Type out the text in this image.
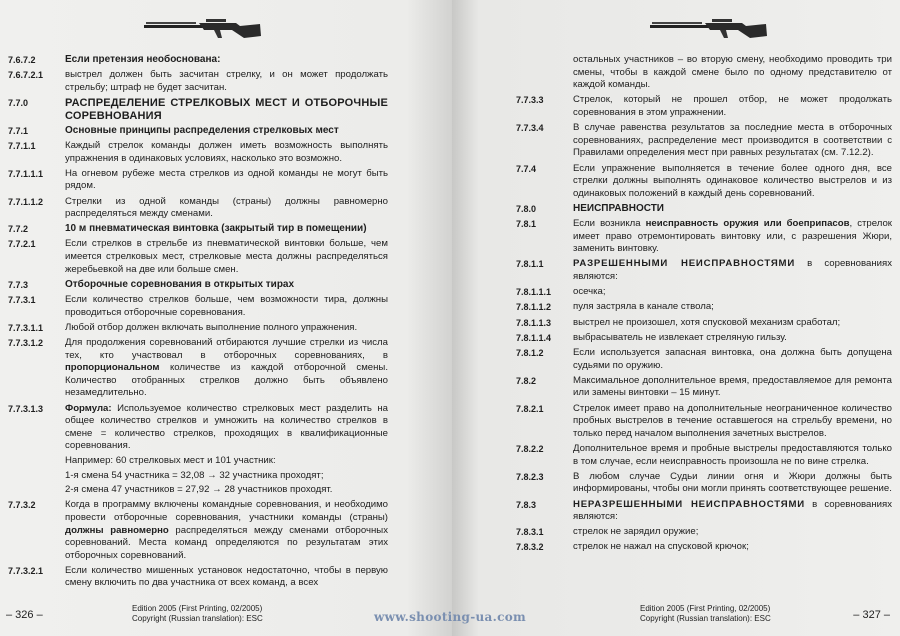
7.6.7.2	Если претензия необоснована:
7.6.7.2.1	выстрел должен быть засчитан стрелку, и он может продолжать стрельбу; штраф не будет засчитан.
7.7.0	РАСПРЕДЕЛЕНИЕ СТРЕЛКОВЫХ МЕСТ И ОТБОРОЧНЫЕ СОРЕВНОВАНИЯ
7.7.1	Основные принципы распределения стрелковых мест
7.7.1.1	Каждый стрелок команды должен иметь возможность выполнять упражнения в одинаковых условиях, насколько это возможно.
7.7.1.1.1	На огневом рубеже места стрелков из одной команды не могут быть рядом.
7.7.1.1.2	Стрелки из одной команды (страны) должны равномерно распределяться между сменами.
7.7.2	10 м пневматическая винтовка (закрытый тир в помещении)
7.7.2.1	Если стрелков в стрельбе из пневматической винтовки больше, чем имеется стрелковых мест, стрелковые места должны распределяться жеребьевкой на две или больше смен.
7.7.3	Отборочные соревнования в открытых тирах
7.7.3.1	Если количество стрелков больше, чем возможности тира, должны проводиться отборочные соревнования.
7.7.3.1.1	Любой отбор должен включать выполнение полного упражнения.
7.7.3.1.2	Для продолжения соревнований отбираются лучшие стрелки из числа тех, кто участвовал в отборочных соревнованиях, в пропорциональном количестве из каждой отборочной смены. Количество отобранных стрелков должно быть объявлено незамедлительно.
7.7.3.1.3	Формула: Используемое количество стрелковых мест разделить на общее количество стрелков и умножить на количество стрелков в смене = количество стрелков, проходящих в квалификационные соревнования.
Например: 60 стрелковых мест и 101 участник:
1-я смена 54 участника = 32,08 → 32 участника проходят;
2-я смена 47 участников = 27,92 → 28 участников проходят.
7.7.3.2	Когда в программу включены командные соревнования, и необходимо провести отборочные соревнования, участники команды (страны) должны равномерно распределяться между сменами отборочных соревнований. Места команд определяются по результатам этих отборочных соревнований.
7.7.3.2.1	Если количество мишенных установок недостаточно, чтобы в первую смену включить по два участника от всех команд, а всех
– 326 –
Edition 2005 (First Printing, 02/2005)
Copyright (Russian translation): ESC
остальных участников – во вторую смену, необходимо проводить три смены, чтобы в каждой смене было по одному представителю от каждой команды.
7.7.3.3	Стрелок, который не прошел отбор, не может продолжать соревнования в этом упражнении.
7.7.3.4	В случае равенства результатов за последние места в отборочных соревнованиях, распределение мест производится в соответствии с Правилами определения мест при равных результатах (см. 7.12.2).
7.7.4	Если упражнение выполняется в течение более одного дня, все стрелки должны выполнять одинаковое количество выстрелов и из одинаковых положений в каждый день соревнований.
7.8.0	НЕИСПРАВНОСТИ
7.8.1	Если возникла неисправность оружия или боеприпасов, стрелок имеет право отремонтировать винтовку или, с разрешения Жюри, заменить винтовку.
7.8.1.1	РАЗРЕШЕННЫМИ НЕИСПРАВНОСТЯМИ в соревнованиях являются:
7.8.1.1.1	осечка;
7.8.1.1.2	пуля застряла в канале ствола;
7.8.1.1.3	выстрел не произошел, хотя спусковой механизм сработал;
7.8.1.1.4	выбрасыватель не извлекает стреляную гильзу.
7.8.1.2	Если используется запасная винтовка, она должна быть допущена судьями по оружию.
7.8.2	Максимальное дополнительное время, предоставляемое для ремонта или замены винтовки – 15 минут.
7.8.2.1	Стрелок имеет право на дополнительные неограниченное количество пробных выстрелов в течение оставшегося на стрельбу времени, но только перед началом выполнения зачетных выстрелов.
7.8.2.2	Дополнительное время и пробные выстрелы предоставляются только в том случае, если неисправность произошла не по вине стрелка.
7.8.2.3	В любом случае Судьи линии огня и Жюри должны быть информированы, чтобы они могли принять соответствующее решение.
7.8.3	НЕРАЗРЕШЕННЫМИ НЕИСПРАВНОСТЯМИ в соревнованиях являются:
7.8.3.1	стрелок не зарядил оружие;
7.8.3.2	стрелок не нажал на спусковой крючок;
– 327 –
Edition 2005 (First Printing, 02/2005)
Copyright (Russian translation): ESC
www.shooting-ua.com
